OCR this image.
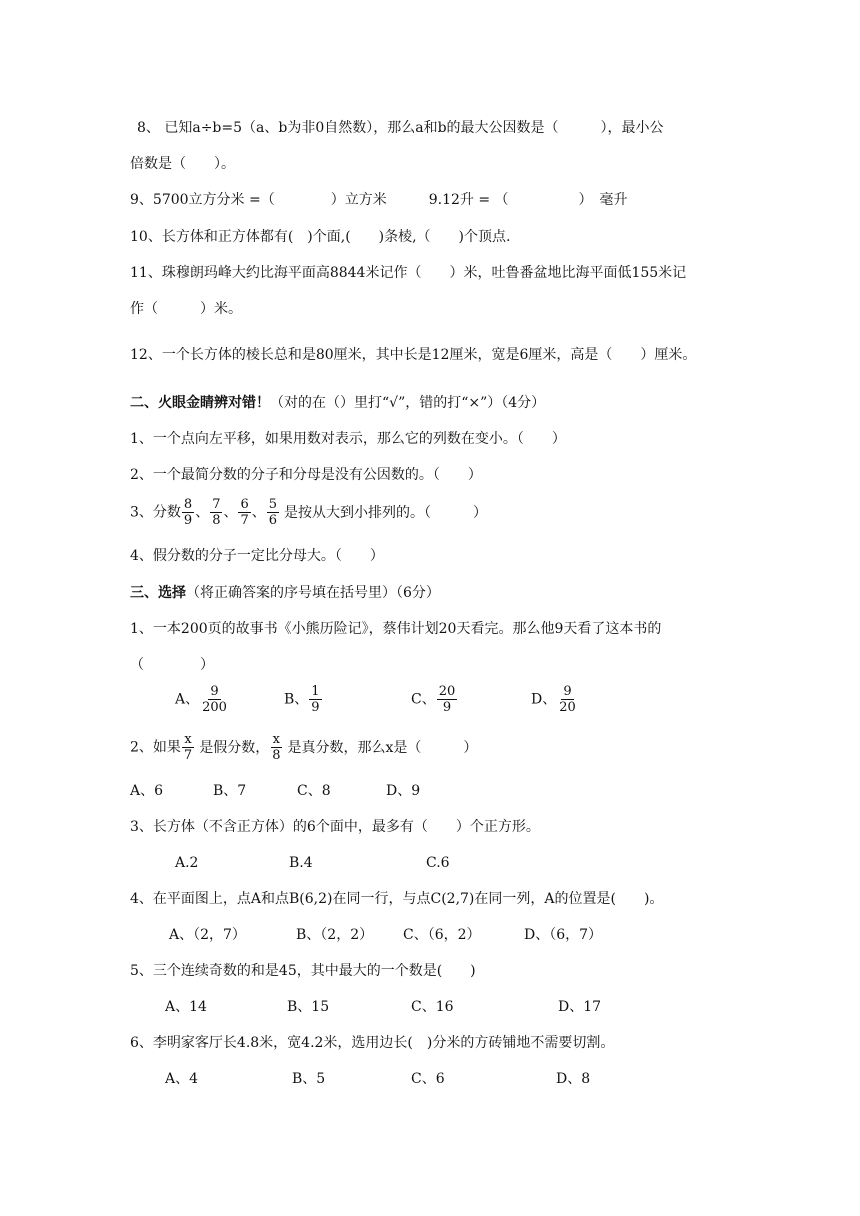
8、 已知a÷b=5（a、b为非0自然数），那么a和b的最大公因数是（　　　），最小公
倍数是（　　）。
9、5700立方分米 =（　　　　）立方米　　　9.12升 = （　　　　　）　毫升
10、长方体和正方体都有(　)个面,(　　)条棱,（　　)个顶点.
11、珠穆朗玛峰大约比海平面高8844米记作（　　）米，吐鲁番盆地比海平面低155米记
作（　　　）米。
12、一个长方体的棱长总和是80厘米，其中长是12厘米，宽是6厘米，高是（　　）厘米。
二、火眼金睛辨对错！（对的在（）里打“√”，错的打“×”）（4分）
1、一个点向左平移，如果用数对表示，那么它的列数在变小。（　　）
2、一个最简分数的分子和分母是没有公因数的。（　　）
3、分数 $\frac{8}{9}$ 、 $\frac{7}{8}$ 、 $\frac{6}{7}$ 、 $\frac{5}{6}$ 是按从大到小排列的。（　　　）
4、假分数的分子一定比分母大。（　　）
三、选择（将正确答案的序号填在括号里）（6分）
1、一本200页的故事书《小熊历险记》，蔡伟计划20天看完。那么他9天看了这本书的
（　　　　）
A、 $\frac{9}{200}$	B、 $\frac{1}{9}$	C、 $\frac{20}{9}$	D、 $\frac{9}{20}$
2、如果 $\frac{x}{7}$ 是假分数， $\frac{x}{8}$ 是真分数，那么x是（　　　）
A、6	B、7	C、8	D、9
3、长方体（不含正方体）的6个面中，最多有（　　）个正方形。
A.2	B.4	C.6
4、在平面图上，点A和点B(6,2)在同一行，与点C(2,7)在同一列，A的位置是(　　)。
A、（2，7）	B、（2，2） C、（6，2）	D、（6，7）
5、三个连续奇数的和是45，其中最大的一个数是(　　)
A、14	B、15	C、16	D、17
6、李明家客厅长4.8米，宽4.2米，选用边长(　)分米的方砖铺地不需要切割。
A、4	B、5	C、6	D、8
